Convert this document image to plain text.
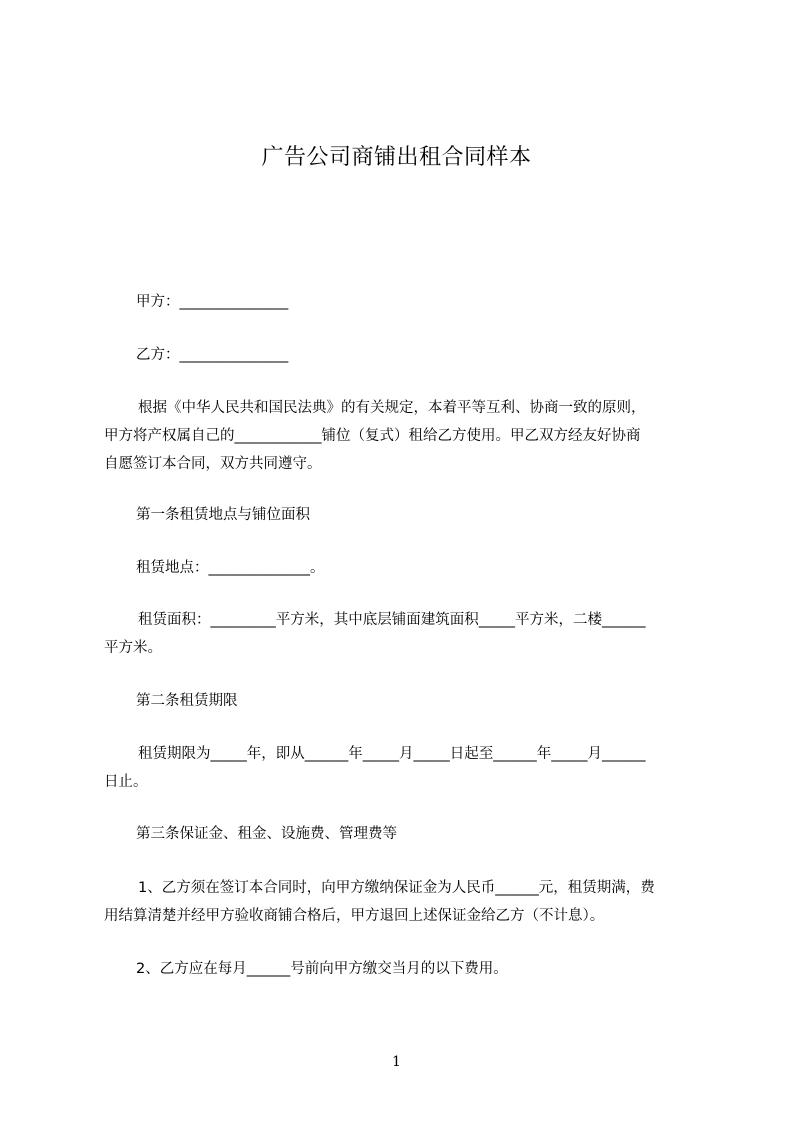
广告公司商铺出租合同样本
甲方：_______________
乙方：_______________
根据《中华人民共和国民法典》的有关规定，本着平等互利、协商一致的原则，
甲方将产权属自己的____________铺位（复式）租给乙方使用。甲乙双方经友好协商
自愿签订本合同，双方共同遵守。
第一条租赁地点与铺位面积
租赁地点：______________。
租赁面积：_________平方米，其中底层铺面建筑面积_____平方米，二楼______
平方米。
第二条租赁期限
租赁期限为_____年，即从______年_____月_____日起至______年_____月______
日止。
第三条保证金、租金、设施费、管理费等
1、乙方须在签订本合同时，向甲方缴纳保证金为人民币______元，租赁期满，费
用结算清楚并经甲方验收商铺合格后，甲方退回上述保证金给乙方（不计息）。
2、乙方应在每月______号前向甲方缴交当月的以下费用。
1
